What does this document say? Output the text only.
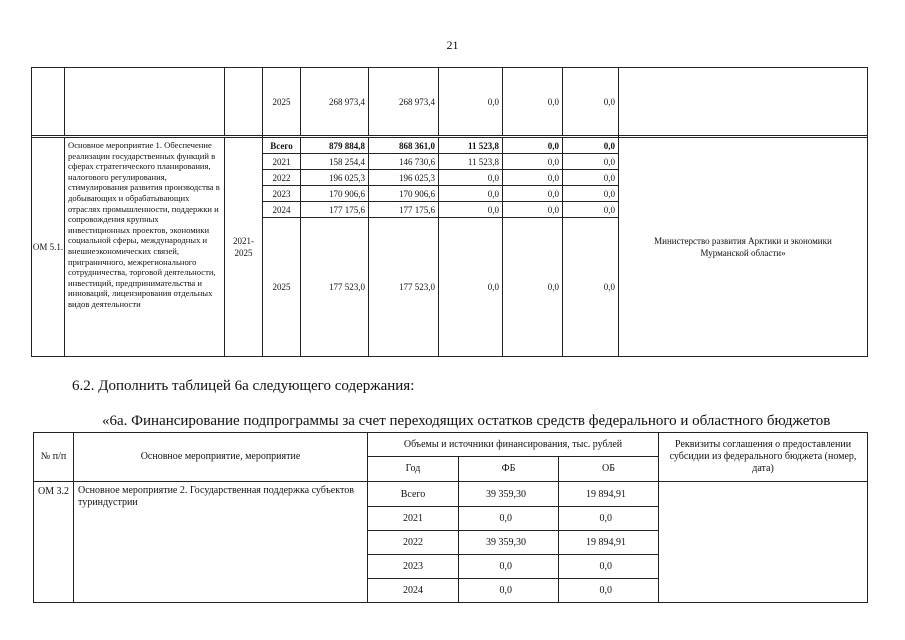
21
			2025	268 973,4	268 973,4	0,0	0,0	0,0	

ОМ 5.1.	Основное мероприятие 1. Обеспечение реализации государственных функций в сферах стратегического планирования, налогового регулирования, стимулирования развития производства в добывающих и обрабатывающих отраслях промышленности, поддержки и сопровождения крупных инвестиционных проектов, экономики социальной сферы, международных и внешнеэкономических связей, приграничного, межрегионального сотрудничества, торговой деятельности, инвестиций, предпринимательства и инноваций, лицензирования отдельных видов деятельности	2021-2025	Всего	879 884,8	868 361,0	11 523,8	0,0	0,0	Министерство развития Арктики и экономики Мурманской области»
			2021	158 254,4	146 730,6	11 523,8	0,0	0,0	
			2022	196 025,3	196 025,3	0,0	0,0	0,0	
			2023	170 906,6	170 906,6	0,0	0,0	0,0	
			2024	177 175,6	177 175,6	0,0	0,0	0,0	
			2025	177 523,0	177 523,0	0,0	0,0	0,0	
6.2. Дополнить таблицей 6а следующего содержания:
«6а. Финансирование подпрограммы за счет переходящих остатков средств федерального и областного бюджетов
№ п/п	Основное мероприятие, мероприятие	Объемы и источники финансирования, тыс. рублей			Реквизиты соглашения о предоставлении субсидии из федерального бюджета (номер, дата)
		Год	ФБ	ОБ	
ОМ 3.2	Основное мероприятие 2. Государственная поддержка субъектов туриндустрии	Всего	39 359,30	19 894,91	
		2021	0,0	0,0	
		2022	39 359,30	19 894,91	
		2023	0,0	0,0	
		2024	0,0	0,0	
